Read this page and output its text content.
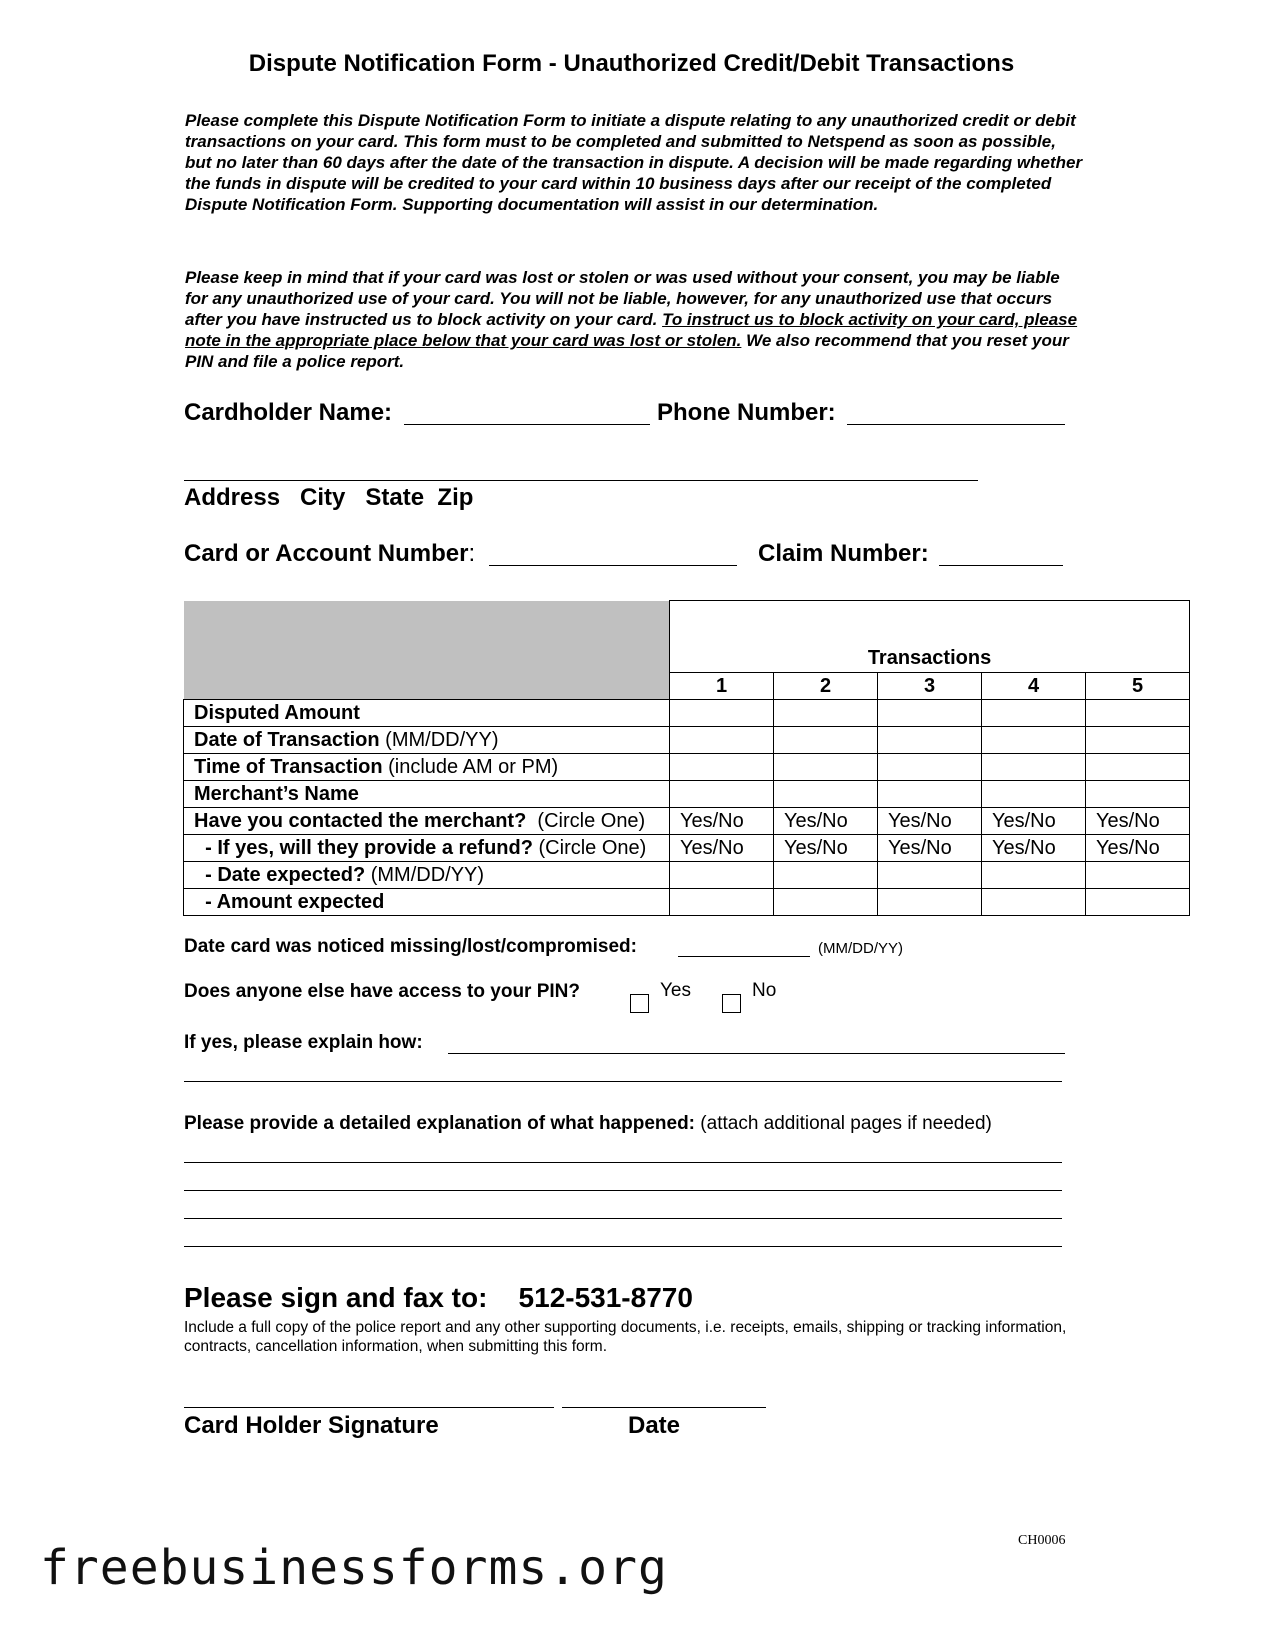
Dispute Notification Form - Unauthorized Credit/Debit Transactions
Please complete this Dispute Notification Form to initiate a dispute relating to any unauthorized credit or debit transactions on your card. This form must to be completed and submitted to Netspend as soon as possible, but no later than 60 days after the date of the transaction in dispute. A decision will be made regarding whether the funds in dispute will be credited to your card within 10 business days after our receipt of the completed Dispute Notification Form. Supporting documentation will assist in our determination.
Please keep in mind that if your card was lost or stolen or was used without your consent, you may be liable for any unauthorized use of your card. You will not be liable, however, for any unauthorized use that occurs after you have instructed us to block activity on your card. To instruct us to block activity on your card, please note in the appropriate place below that your card was lost or stolen. We also recommend that you reset your PIN and file a police report.
Cardholder Name:	Phone Number:
Address   City   State  Zip
Card or Account Number:	Claim Number:
	Transactions				
	1	2	3	4	5
Disputed Amount					
Date of Transaction (MM/DD/YY)					
Time of Transaction (include AM or PM)					
Merchant’s Name					
Have you contacted the merchant?  (Circle One)	Yes/No	Yes/No	Yes/No	Yes/No	Yes/No
- If yes, will they provide a refund? (Circle One)	Yes/No	Yes/No	Yes/No	Yes/No	Yes/No
- Date expected? (MM/DD/YY)					
- Amount expected					
Date card was noticed missing/lost/compromised:	(MM/DD/YY)
Does anyone else have access to your PIN?	Yes	No
If yes, please explain how:
Please provide a detailed explanation of what happened: (attach additional pages if needed)
Please sign and fax to: 512-531-8770
Include a full copy of the police report and any other supporting documents, i.e. receipts, emails, shipping or tracking information, contracts, cancellation information, when submitting this form.
Card Holder Signature	Date
CH0006
freebusinessforms.org
